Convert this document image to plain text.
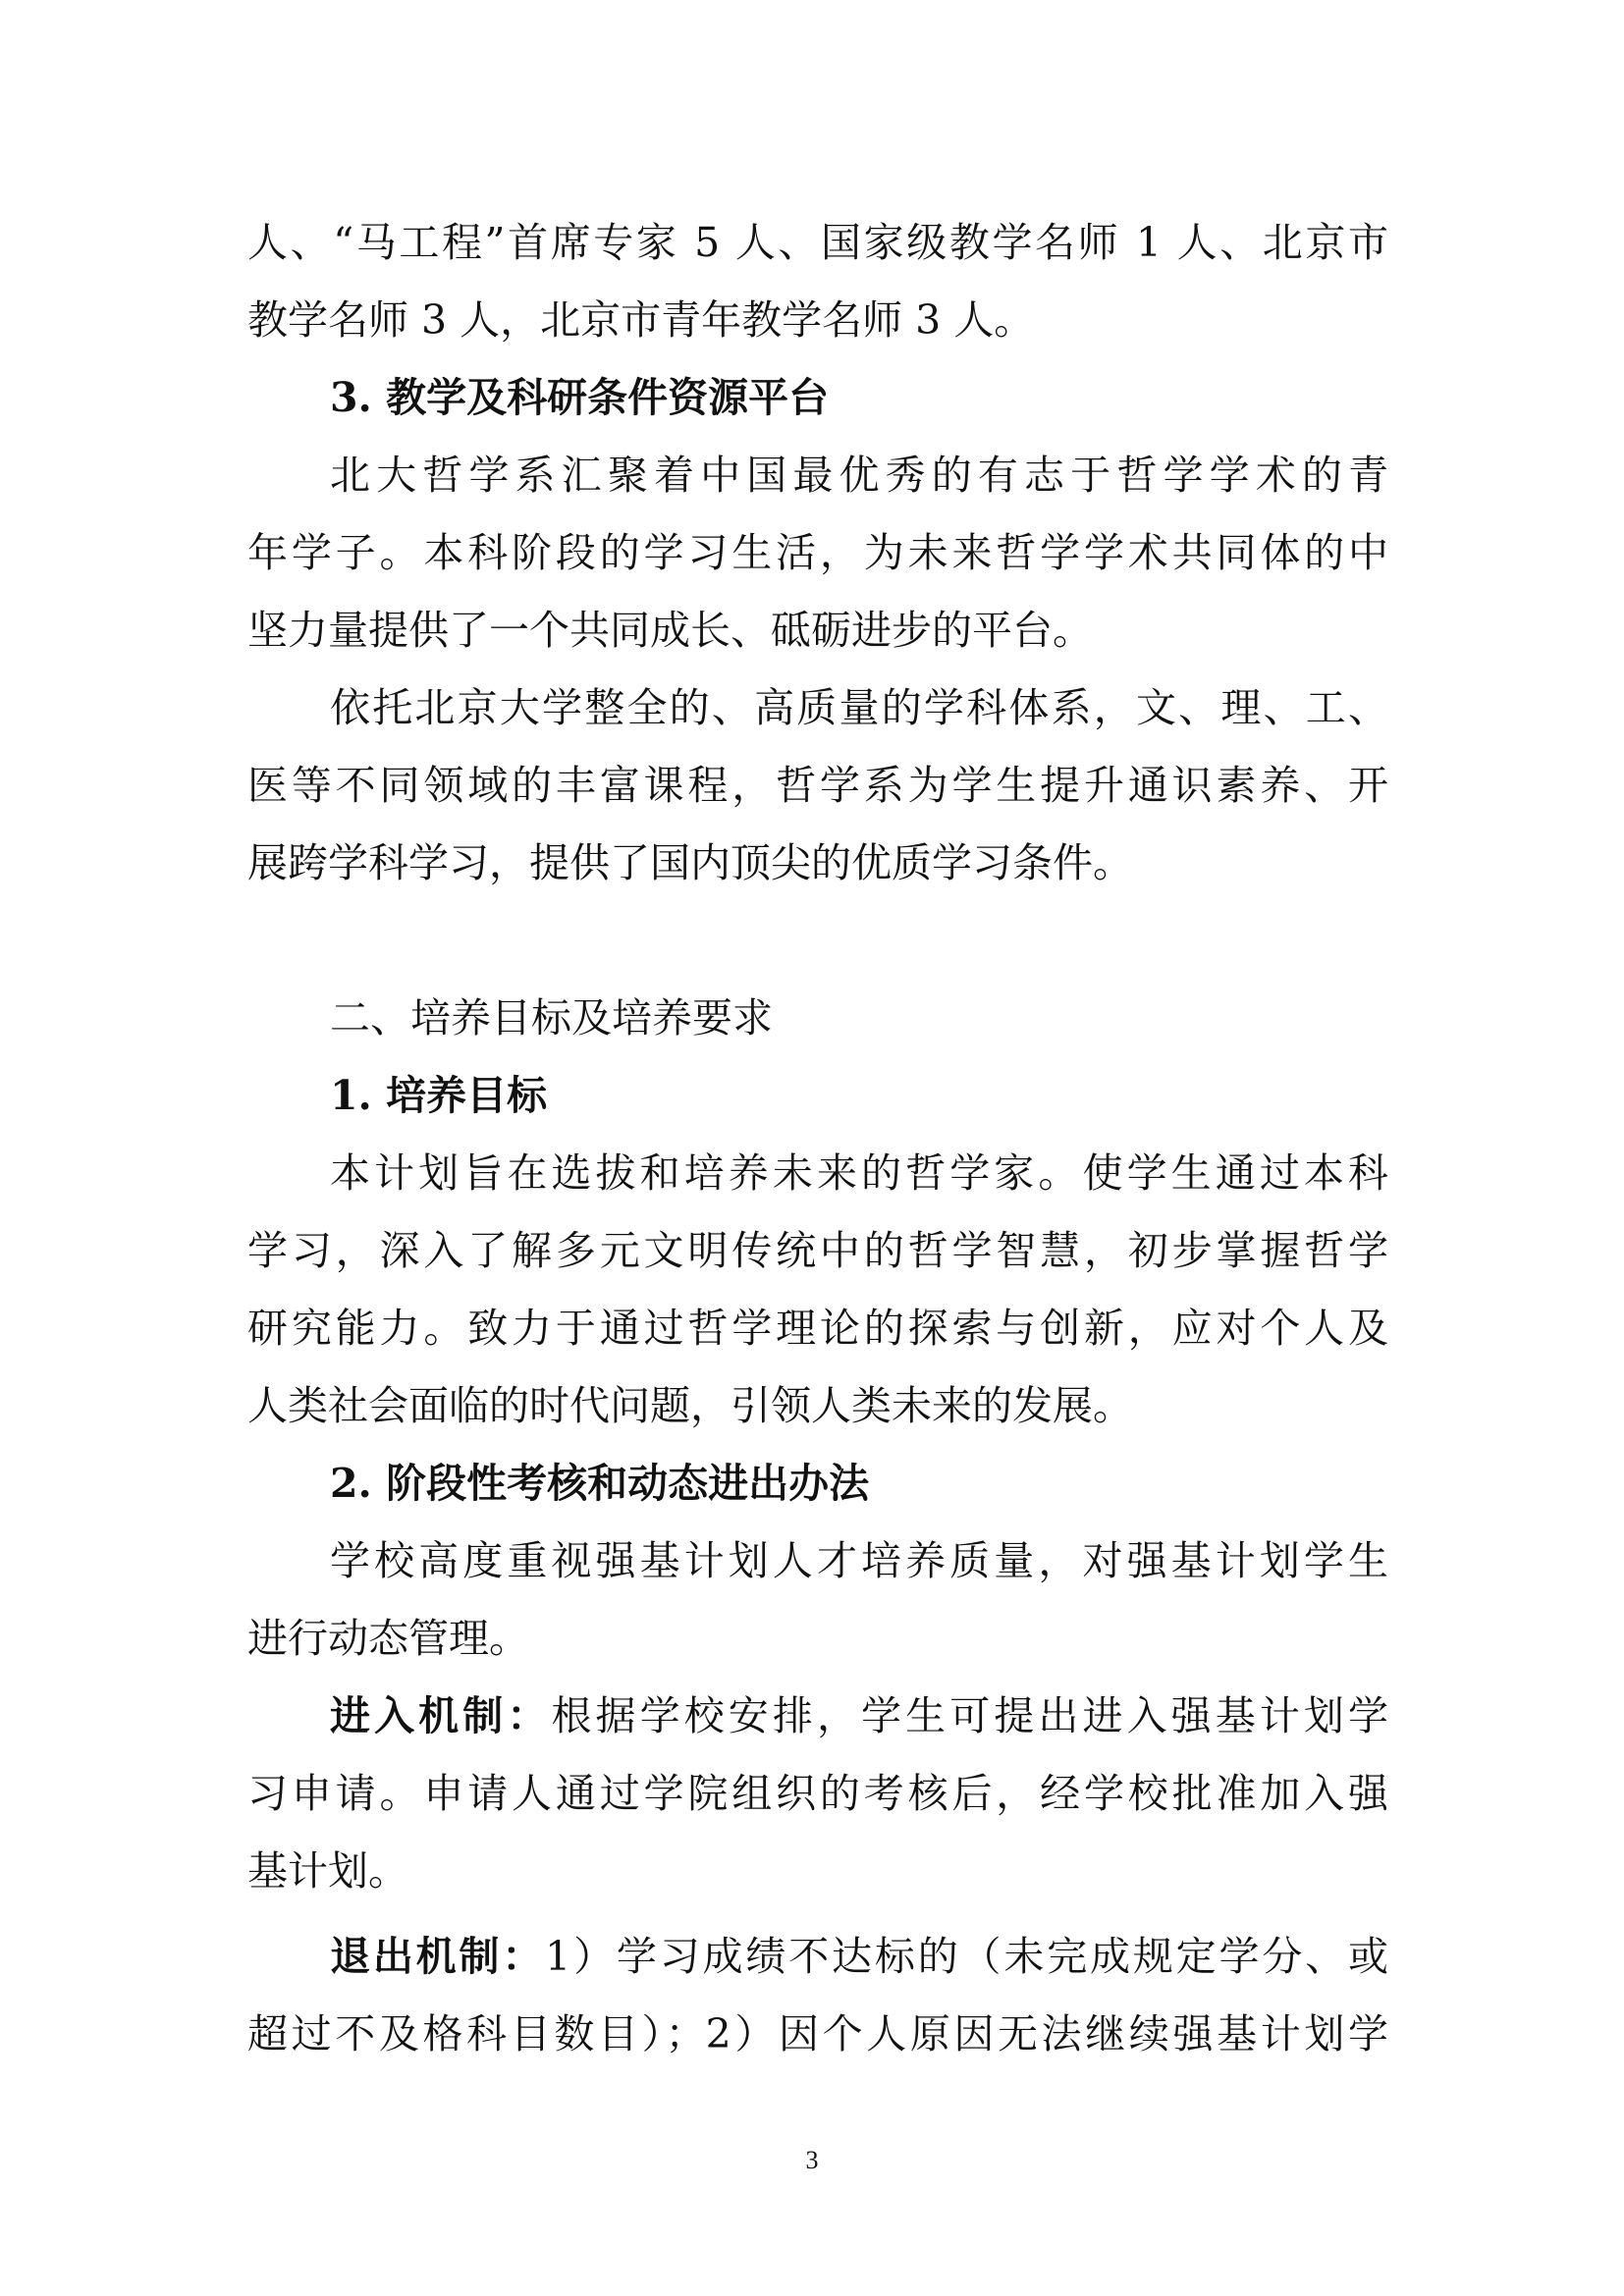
人、“马工程”首席专家 5 人、国家级教学名师 1 人、北京市
教学名师 3 人，北京市青年教学名师 3 人。
3. 教学及科研条件资源平台
北大哲学系汇聚着中国最优秀的有志于哲学学术的青
年学子。本科阶段的学习生活，为未来哲学学术共同体的中
坚力量提供了一个共同成长、砥砺进步的平台。
依托北京大学整全的、高质量的学科体系，文、理、工、
医等不同领域的丰富课程，哲学系为学生提升通识素养、开
展跨学科学习，提供了国内顶尖的优质学习条件。
二、培养目标及培养要求
1. 培养目标
本计划旨在选拔和培养未来的哲学家。使学生通过本科
学习，深入了解多元文明传统中的哲学智慧，初步掌握哲学
研究能力。致力于通过哲学理论的探索与创新，应对个人及
人类社会面临的时代问题，引领人类未来的发展。
2. 阶段性考核和动态进出办法
学校高度重视强基计划人才培养质量，对强基计划学生
进行动态管理。
进入机制：根据学校安排，学生可提出进入强基计划学
习申请。申请人通过学院组织的考核后，经学校批准加入强
基计划。
退出机制：1）学习成绩不达标的（未完成规定学分、或
超过不及格科目数目）；2）因个人原因无法继续强基计划学
3
